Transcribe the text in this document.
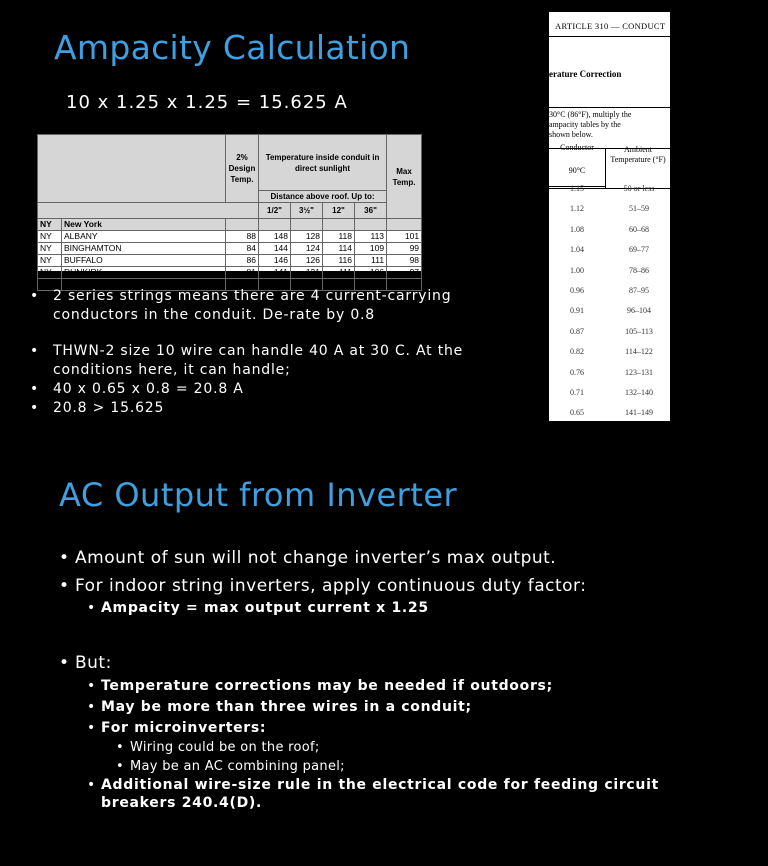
Ampacity Calculation
10 x 1.25 x 1.25 = 15.625 A
		2% Design Temp.	Temperature inside conduit in direct sunlight				Max Temp.
			Distance above roof. Up to:				
			1/2"	3½"	12"	36"	
NY	New York						
NY	ALBANY	88	148	128	118	113	101
NY	BINGHAMTON	84	144	124	114	109	99
NY	BUFFALO	86	146	126	116	111	98
NY	DUNKIRK	81	141	121	111	106	97
NY	ELMIRA CORNING REGIONAL A	89	149	129	119	114	103
• 2 series strings means there are 4 current-carrying conductors in the conduit. De-rate by 0.8
• THWN-2 size 10 wire can handle 40 A at 30 C. At the conditions here, it can handle;
• 40 x 0.65 x 0.8 = 20.8 A
• 20.8 > 15.625
ARTICLE 310 — CONDUCT
erature Correction
30°C (86°F), multiply the
ampacity tables by the
shown below.
Conductor
90°C
Ambient Temperature (°F)
1.15	50 or less
1.12	51–59
1.08	60–68
1.04	69–77
1.00	78–86
0.96	87–95
0.91	96–104
0.87	105–113
0.82	114–122
0.76	123–131
0.71	132–140
0.65	141–149
AC Output from Inverter
• Amount of sun will not change inverter’s max output.
• For indoor string inverters, apply continuous duty factor:
• Ampacity = max output current x 1.25
• But:
• Temperature corrections may be needed if outdoors;
• May be more than three wires in a conduit;
• For microinverters:
• Wiring could be on the roof;
• May be an AC combining panel;
• Additional wire-size rule in the electrical code for feeding circuit breakers 240.4(D).
